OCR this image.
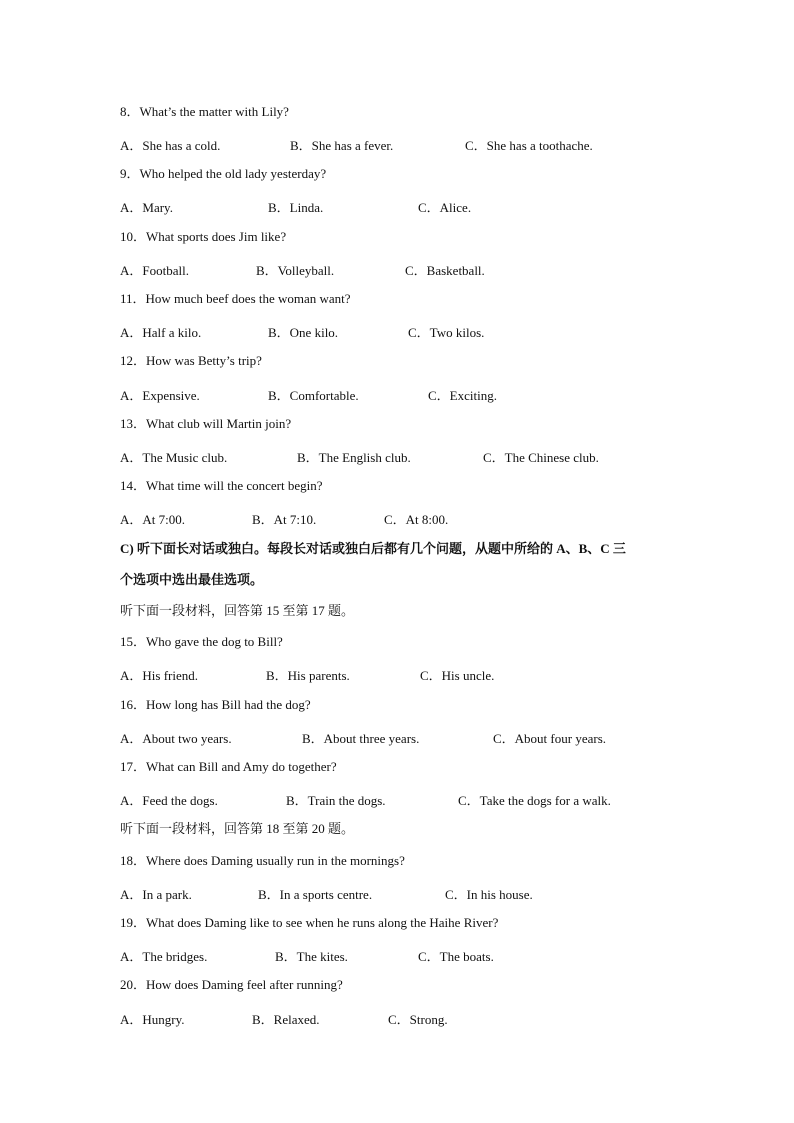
8．What’s the matter with Lily?
A．She has a cold.	B．She has a fever.	C．She has a toothache.
9．Who helped the old lady yesterday?
A．Mary.	B．Linda.	C．Alice.
10．What sports does Jim like?
A．Football.	B．Volleyball.	C．Basketball.
11．How much beef does the woman want?
A．Half a kilo.	B．One kilo.	C．Two kilos.
12．How was Betty’s trip?
A．Expensive.	B．Comfortable.	C．Exciting.
13．What club will Martin join?
A．The Music club.	B．The English club.	C．The Chinese club.
14．What time will the concert begin?
A．At 7:00.	B．At 7:10.	C．At 8:00.
C) 听下面长对话或独白。每段长对话或独白后都有几个问题，从题中所给的 A、B、C 三
个选项中选出最佳选项。
听下面一段材料，回答第 15 至第 17 题。
15．Who gave the dog to Bill?
A．His friend.	B．His parents.	C．His uncle.
16．How long has Bill had the dog?
A．About two years.	B．About three years.	C．About four years.
17．What can Bill and Amy do together?
A．Feed the dogs.	B．Train the dogs.	C．Take the dogs for a walk.
听下面一段材料，回答第 18 至第 20 题。
18．Where does Daming usually run in the mornings?
A．In a park.	B．In a sports centre.	C．In his house.
19．What does Daming like to see when he runs along the Haihe River?
A．The bridges.	B．The kites.	C．The boats.
20．How does Daming feel after running?
A．Hungry.	B．Relaxed.	C．Strong.
